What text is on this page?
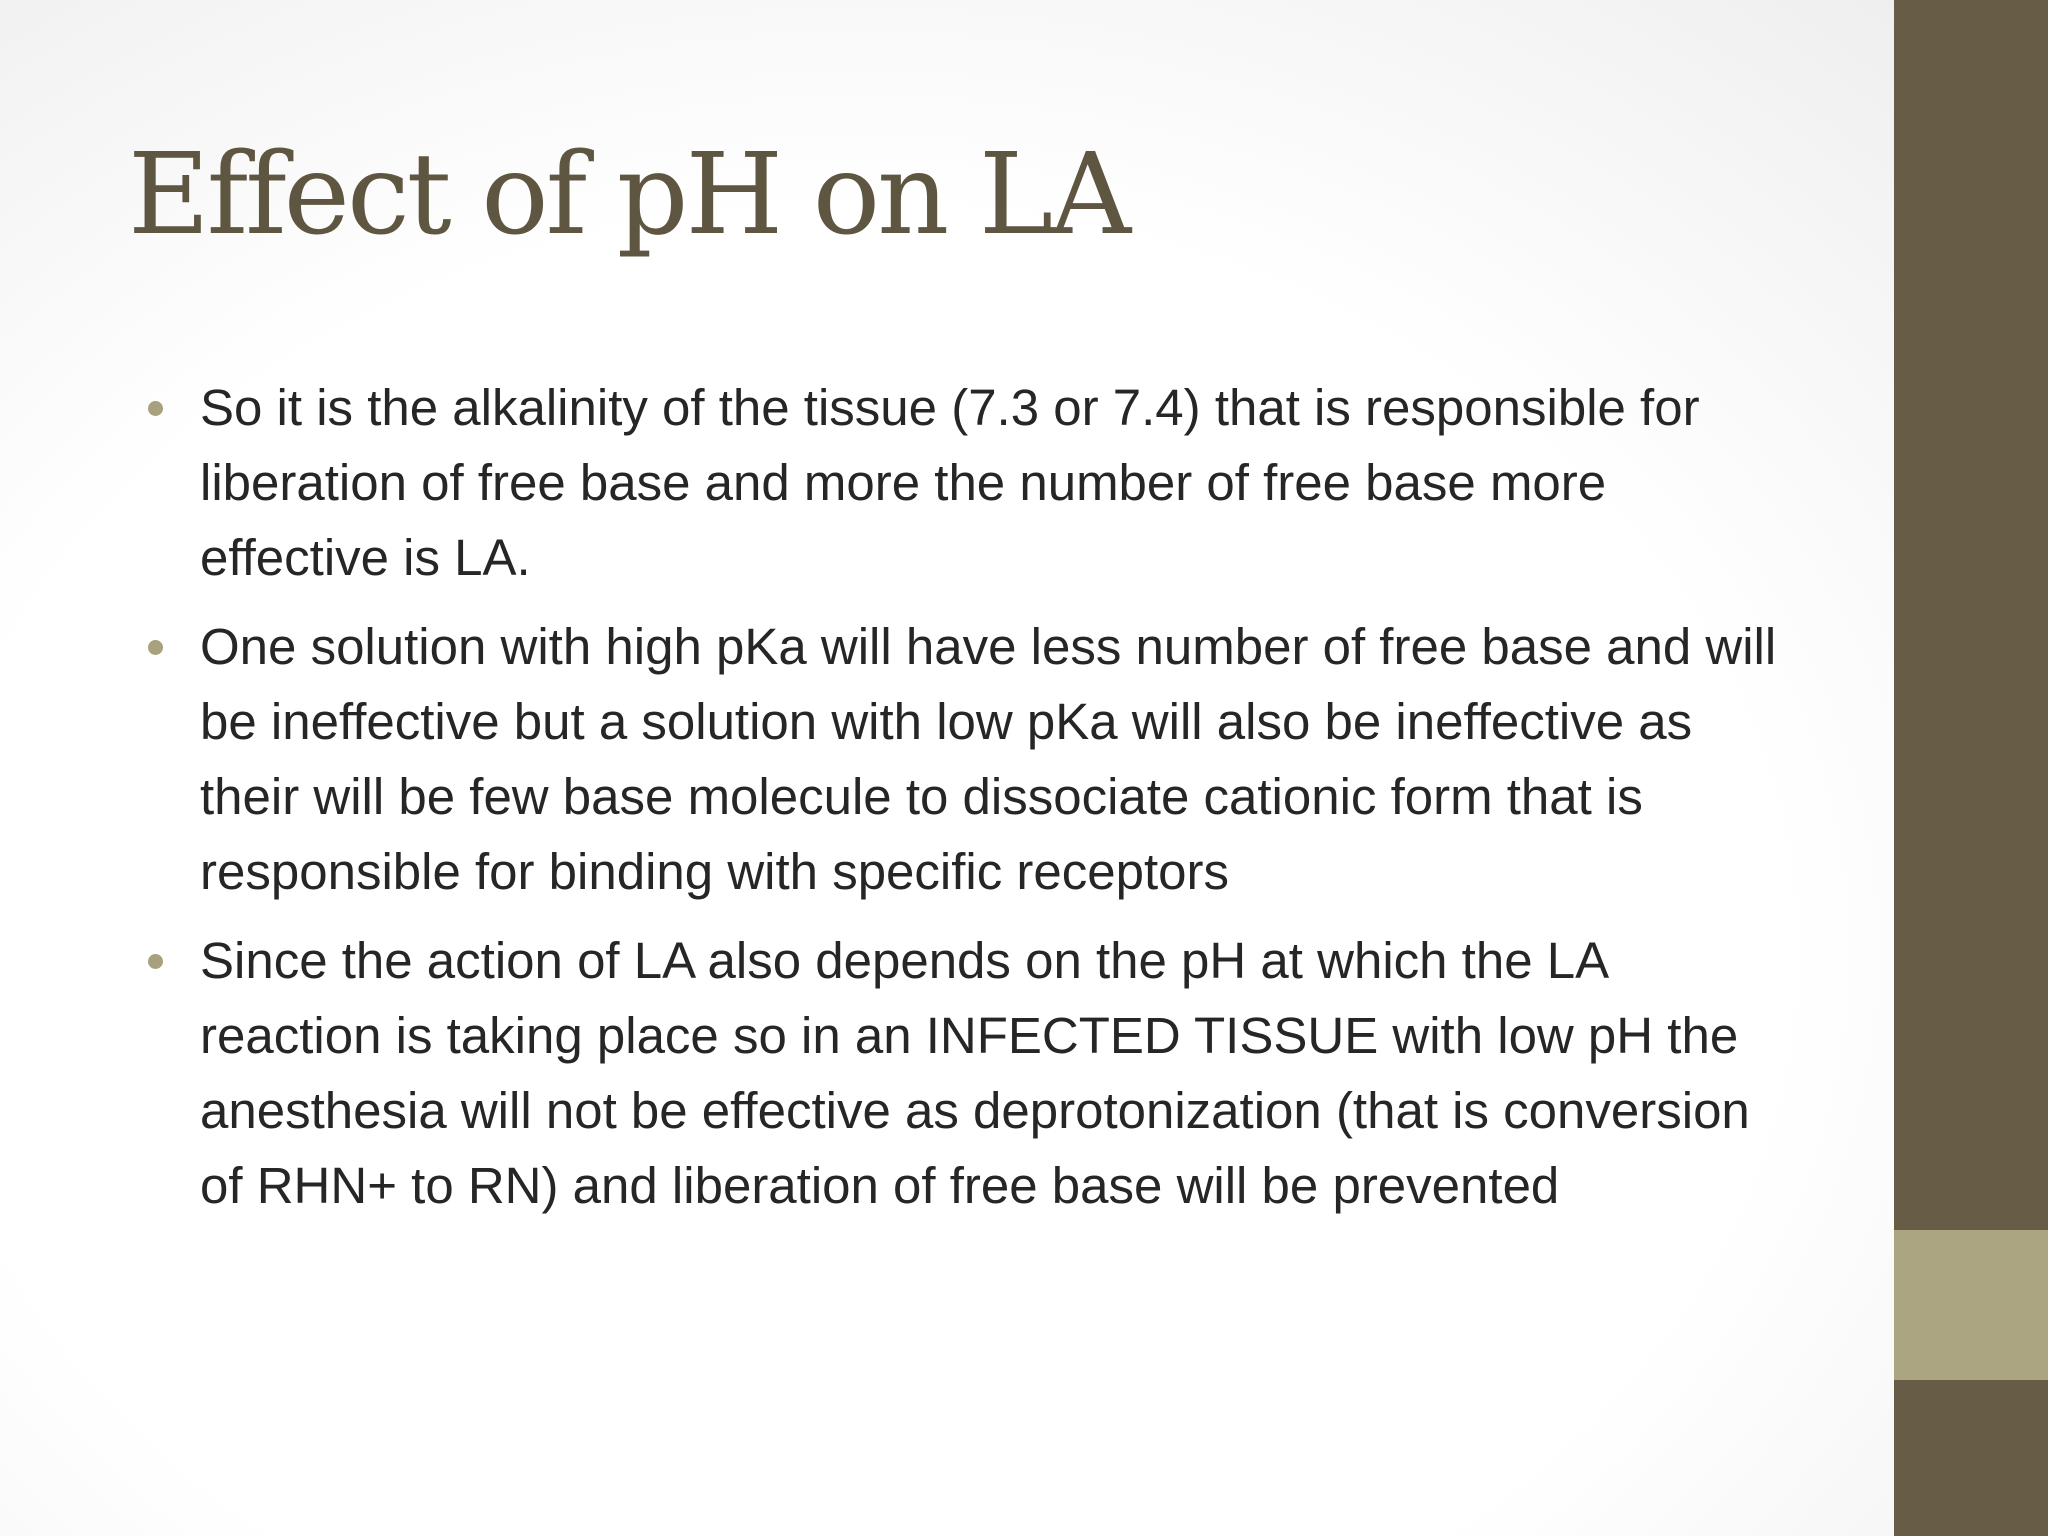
Effect of pH on LA
So it is the alkalinity of the tissue (7.3 or 7.4) that is responsible for liberation of free base and more the number of free base more effective is LA.
One solution with high pKa will have less number of free base and will be ineffective but a solution with low pKa will also be ineffective as their will be few base molecule to dissociate cationic form that is responsible for binding with specific receptors
Since the action of LA also depends on the pH at which the LA reaction is taking place so in an INFECTED TISSUE with low pH the anesthesia will not be effective as deprotonization (that is conversion of RHN+ to RN) and liberation of free base will be prevented
